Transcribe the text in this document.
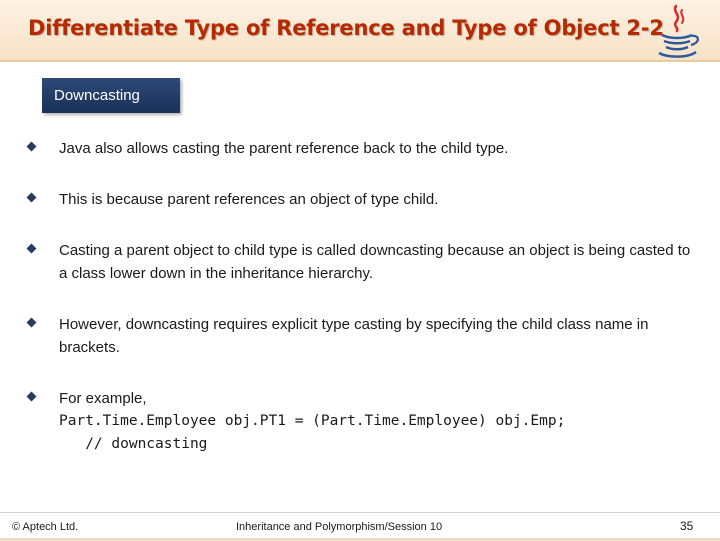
Differentiate Type of Reference and Type of Object 2-2
Downcasting
Java also allows casting the parent reference back to the child type.
This is because parent references an object of type child.
Casting a parent object to child type is called downcasting because an object is being casted to a class lower down in the inheritance hierarchy.
However, downcasting requires explicit type casting by specifying the child class name in brackets.
For example,
Part.Time.Employee obj.PT1 = (Part.Time.Employee) obj.Emp;
// downcasting
© Aptech Ltd.	Inheritance and Polymorphism/Session 10	35
